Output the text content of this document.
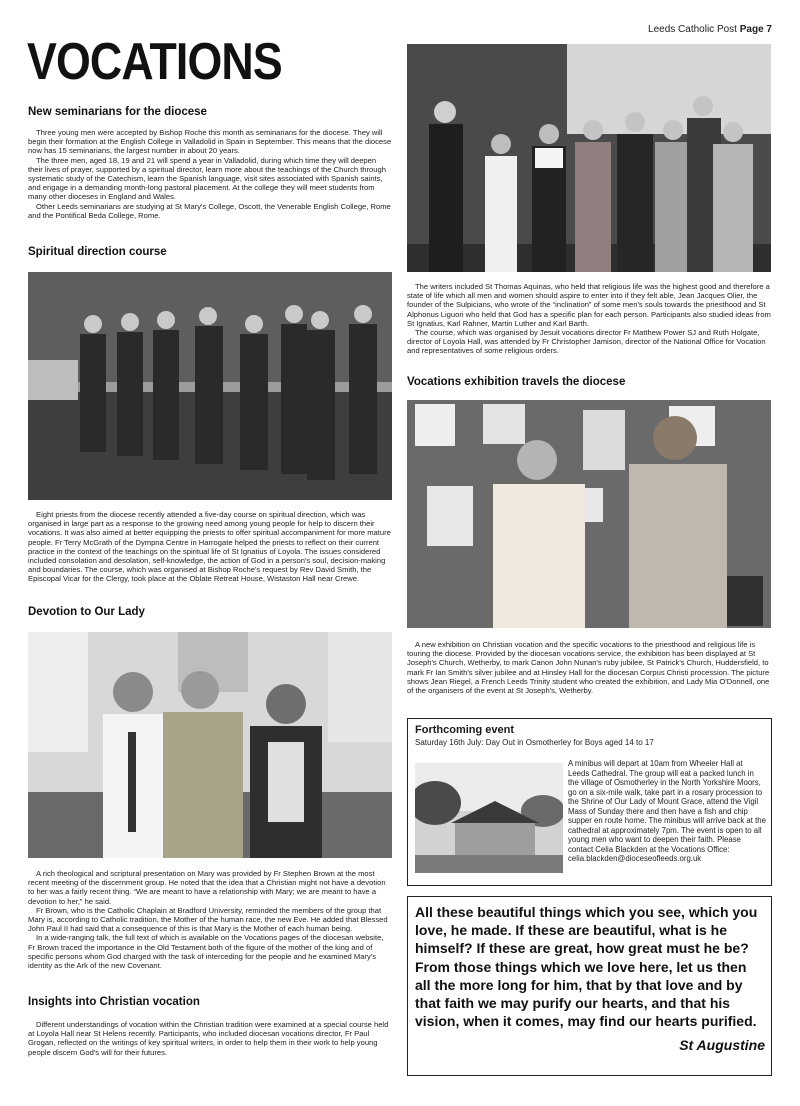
Leeds Catholic Post Page 7
VOCATIONS
New seminarians for the diocese

Three young men were accepted by Bishop Roche this month as seminarians for the diocese. They will begin their formation at the English College in Valladolid in Spain in September. This means that the diocese now has 15 seminarians, the largest number in about 20 years.

The three men, aged 18, 19 and 21 will spend a year in Valladolid, during which time they will deepen their lives of prayer, supported by a spiritual director, learn more about the teachings of the Church through systematic study of the Catechism, learn the Spanish language, visit sites associated with Spanish saints, and engage in a demanding month-long pastoral placement. At the college they will meet students from many other dioceses in England and Wales.

Other Leeds seminarians are studying at St Mary's College, Oscott, the Venerable English College, Rome and the Pontifical Beda College, Rome.

Spiritual direction course

Eight priests from the diocese recently attended a five-day course on spiritual direction, which was organised in large part as a response to the growing need among young people for help to discern their vocations. It was also aimed at better equipping the priests to offer spiritual accompaniment for more mature people. Fr Terry McGrath of the Dympna Centre in Harrogate helped the priests to reflect on their current practice in the context of the teachings on the spiritual life of St Ignatius of Loyola. The issues considered included consolation and desolation, self-knowledge, the action of God in a person's soul, decision-making and boundaries. The course, which was organised at Bishop Roche's request by Rev David Smith, the Episcopal Vicar for the Clergy, took place at the Oblate Retreat House, Wistaston Hall near Crewe.

Devotion to Our Lady

A rich theological and scriptural presentation on Mary was provided by Fr Stephen Brown at the most recent meeting of the discernment group. He noted that the idea that a Christian might not have a devotion to her was a fairly recent thing. “We are meant to have a relationship with Mary; we are meant to have a devotion to her,” he said.

Fr Brown, who is the Catholic Chaplain at Bradford University, reminded the members of the group that Mary is, according to Catholic tradition, the Mother of the human race, the new Eve. He added that Blessed John Paul II had said that a consequence of this is that Mary is the Mother of each human being.

In a wide-ranging talk, the full text of which is available on the Vocations pages of the diocesan website, Fr Brown traced the importance in the Old Testament both of the figure of the mother of the king and of specific persons whom God charged with the task of interceding for the people and he examined Mary's identity as the Ark of the new Covenant.

Insights into Christian vocation

Different understandings of vocation within the Christian tradition were examined at a special course held at Loyola Hall near St Helens recently. Participants, who included diocesan vocations director, Fr Paul Grogan, reflected on the writings of key spiritual writers, in order to help them in their work to help young people discern God's will for their futures.

The writers included St Thomas Aquinas, who held that religious life was the highest good and therefore a state of life which all men and women should aspire to enter into if they felt able, Jean Jacques Olier, the founder of the Sulpicians, who wrote of the “inclination” of some men's souls towards the priesthood and St Alphonus Liguori who held that God has a specific plan for each person. Participants also studied ideas from St Ignatius, Karl Rahner, Martin Luther and Karl Barth.

The course, which was organised by Jesuit vocations director Fr Matthew Power SJ and Ruth Holgate, director of Loyola Hall, was attended by Fr Christopher Jamison, director of the National Office for Vocation and representatives of some religious orders.

Vocations exhibition travels the diocese

A new exhibition on Christian vocation and the specific vocations to the priesthood and religious life is touring the diocese. Provided by the diocesan vocations service, the exhibition has been displayed at St Joseph's Church, Wetherby, to mark Canon John Nunan's ruby jubilee, St Patrick's Church, Huddersfield, to mark Fr Ian Smith's silver jubilee and at Hinsley Hall for the diocesan Corpus Christi procession. The picture shows Jean Riegel, a French Leeds Trinity student who created the exhibition, and Lady Mia O'Donnell, one of the organisers of the event at St Joseph's, Wetherby.

Forthcoming event
Saturday 16th July: Day Out in Osmotherley for Boys aged 14 to 17
A minibus will depart at 10am from Wheeler Hall at Leeds Cathedral. The group will eat a packed lunch in the village of Osmotherley in the North Yorkshire Moors, go on a six-mile walk, take part in a rosary procession to the Shrine of Our Lady of Mount Grace, attend the Vigil Mass of Sunday there and then have a fish and chip supper en route home. The minibus will arrive back at the cathedral at approximately 7pm. The event is open to all young men who want to deepen their faith. Please contact Celia Blackden at the Vocations Office: celia.blackden@dioceseofleeds.org.uk
All these beautiful things which you see, which you love, he made. If these are beautiful, what is he himself? If these are great, how great must he be? From those things which we love here, let us then all the more long for him, that by that love and by that faith we may purify our hearts, and that his vision, when it comes, may find our hearts purified.
St Augustine
